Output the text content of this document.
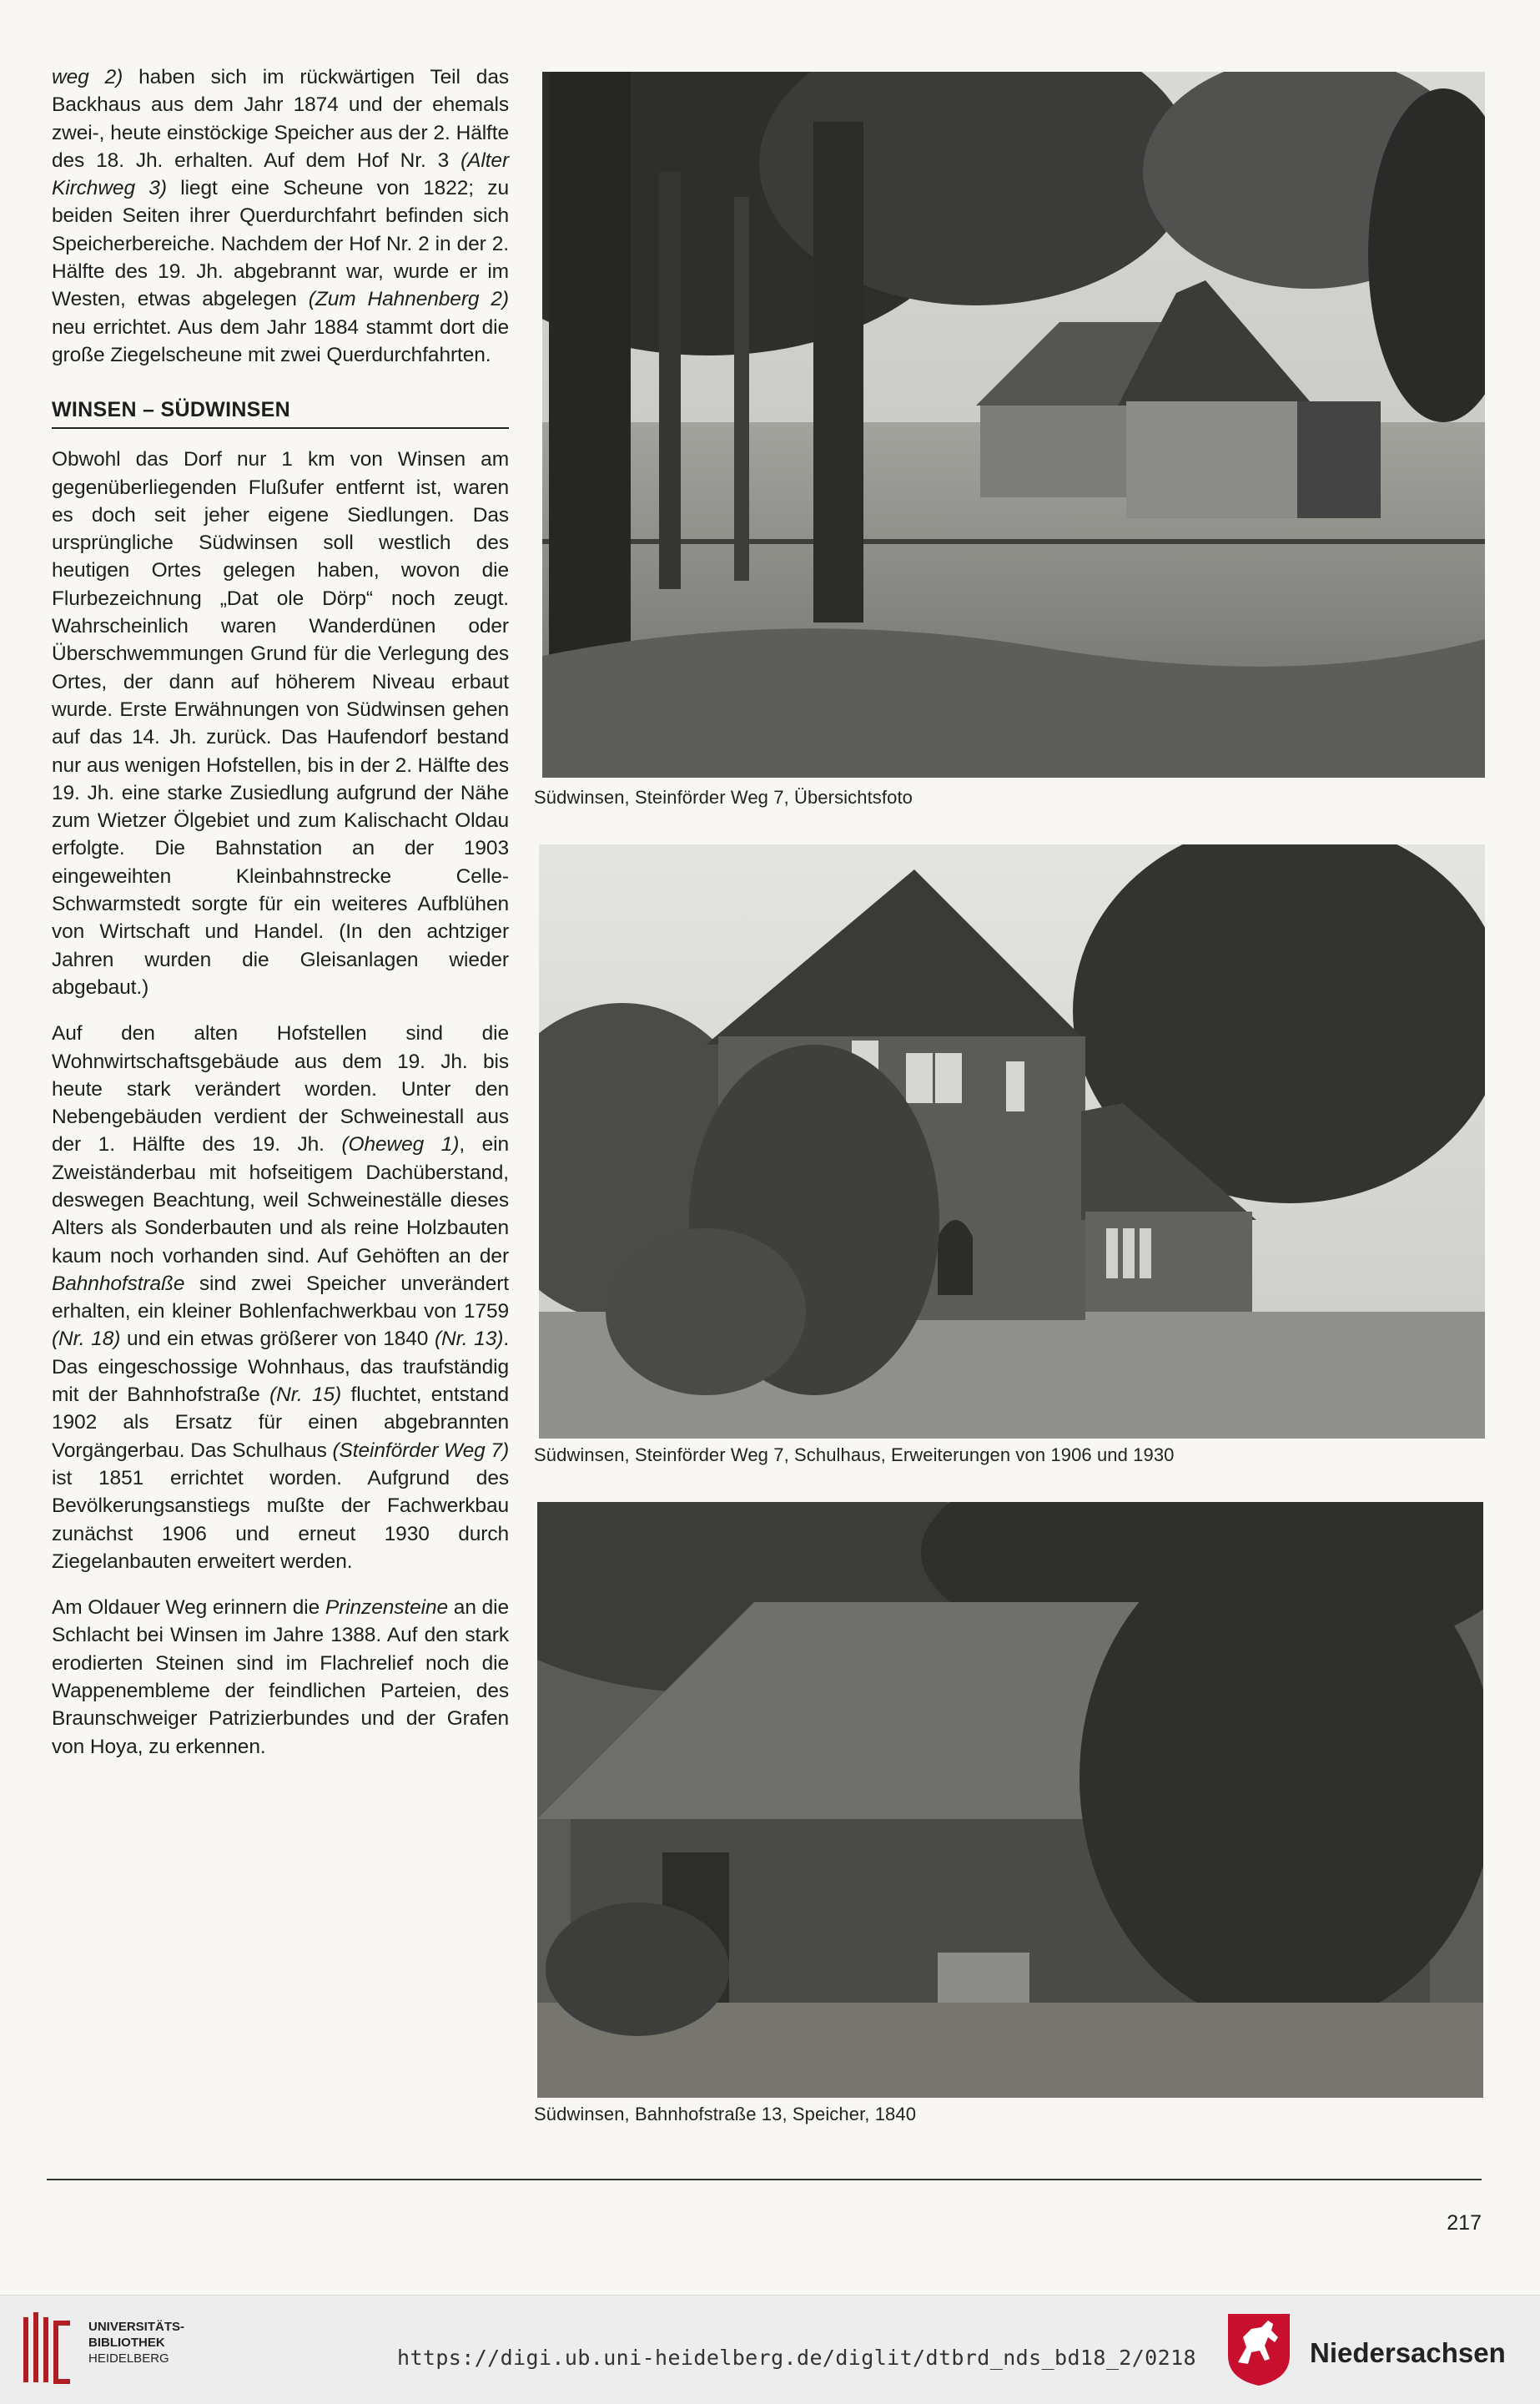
weg 2) haben sich im rückwärtigen Teil das Backhaus aus dem Jahr 1874 und der ehemals zwei-, heute einstöckige Speicher aus der 2. Hälfte des 18. Jh. erhalten. Auf dem Hof Nr. 3 (Alter Kirchweg 3) liegt eine Scheune von 1822; zu beiden Seiten ihrer Querdurchfahrt befinden sich Speicherbereiche. Nachdem der Hof Nr. 2 in der 2. Hälfte des 19. Jh. abgebrannt war, wurde er im Westen, etwas abgelegen (Zum Hahnenberg 2) neu errichtet. Aus dem Jahr 1884 stammt dort die große Ziegelscheune mit zwei Querdurchfahrten.

WINSEN – SÜDWINSEN

Obwohl das Dorf nur 1 km von Winsen am gegenüberliegenden Flußufer entfernt ist, waren es doch seit jeher eigene Siedlungen. Das ursprüngliche Südwinsen soll westlich des heutigen Ortes gelegen haben, wovon die Flurbezeichnung „Dat ole Dörp“ noch zeugt. Wahrscheinlich waren Wanderdünen oder Überschwemmungen Grund für die Verlegung des Ortes, der dann auf höherem Niveau erbaut wurde. Erste Erwähnungen von Südwinsen gehen auf das 14. Jh. zurück. Das Haufendorf bestand nur aus wenigen Hofstellen, bis in der 2. Hälfte des 19. Jh. eine starke Zusiedlung aufgrund der Nähe zum Wietzer Ölgebiet und zum Kalischacht Oldau erfolgte. Die Bahnstation an der 1903 eingeweihten Kleinbahnstrecke Celle- Schwarmstedt sorgte für ein weiteres Aufblühen von Wirtschaft und Handel. (In den achtziger Jahren wurden die Gleisanlagen wieder abgebaut.)

Auf den alten Hofstellen sind die Wohnwirtschaftsgebäude aus dem 19. Jh. bis heute stark verändert worden. Unter den Nebengebäuden verdient der Schweinestall aus der 1. Hälfte des 19. Jh. (Oheweg 1), ein Zweiständerbau mit hofseitigem Dachüberstand, deswegen Beachtung, weil Schweineställe dieses Alters als Sonderbauten und als reine Holzbauten kaum noch vorhanden sind. Auf Gehöften an der Bahnhofstraße sind zwei Speicher unverändert erhalten, ein kleiner Bohlenfachwerkbau von 1759 (Nr. 18) und ein etwas größerer von 1840 (Nr. 13). Das eingeschossige Wohnhaus, das traufständig mit der Bahnhofstraße (Nr. 15) fluchtet, entstand 1902 als Ersatz für einen abgebrannten Vorgängerbau. Das Schulhaus (Steinförder Weg 7) ist 1851 errichtet worden. Aufgrund des Bevölkerungsanstiegs mußte der Fachwerkbau zunächst 1906 und erneut 1930 durch Ziegelanbauten erweitert werden.

Am Oldauer Weg erinnern die Prinzensteine an die Schlacht bei Winsen im Jahre 1388. Auf den stark erodierten Steinen sind im Flachrelief noch die Wappenembleme der feindlichen Parteien, des Braunschweiger Patrizierbundes und der Grafen von Hoya, zu erkennen.

Südwinsen, Steinförder Weg 7, Übersichtsfoto
Südwinsen, Steinförder Weg 7, Schulhaus, Erweiterungen von 1906 und 1930
Südwinsen, Bahnhofstraße 13, Speicher, 1840
217
UNIVERSITÄTS-
BIBLIOTHEK
HEIDELBERG	https://digi.ub.uni-heidelberg.de/diglit/dtbrd_nds_bd18_2/0218	Niedersachsen
